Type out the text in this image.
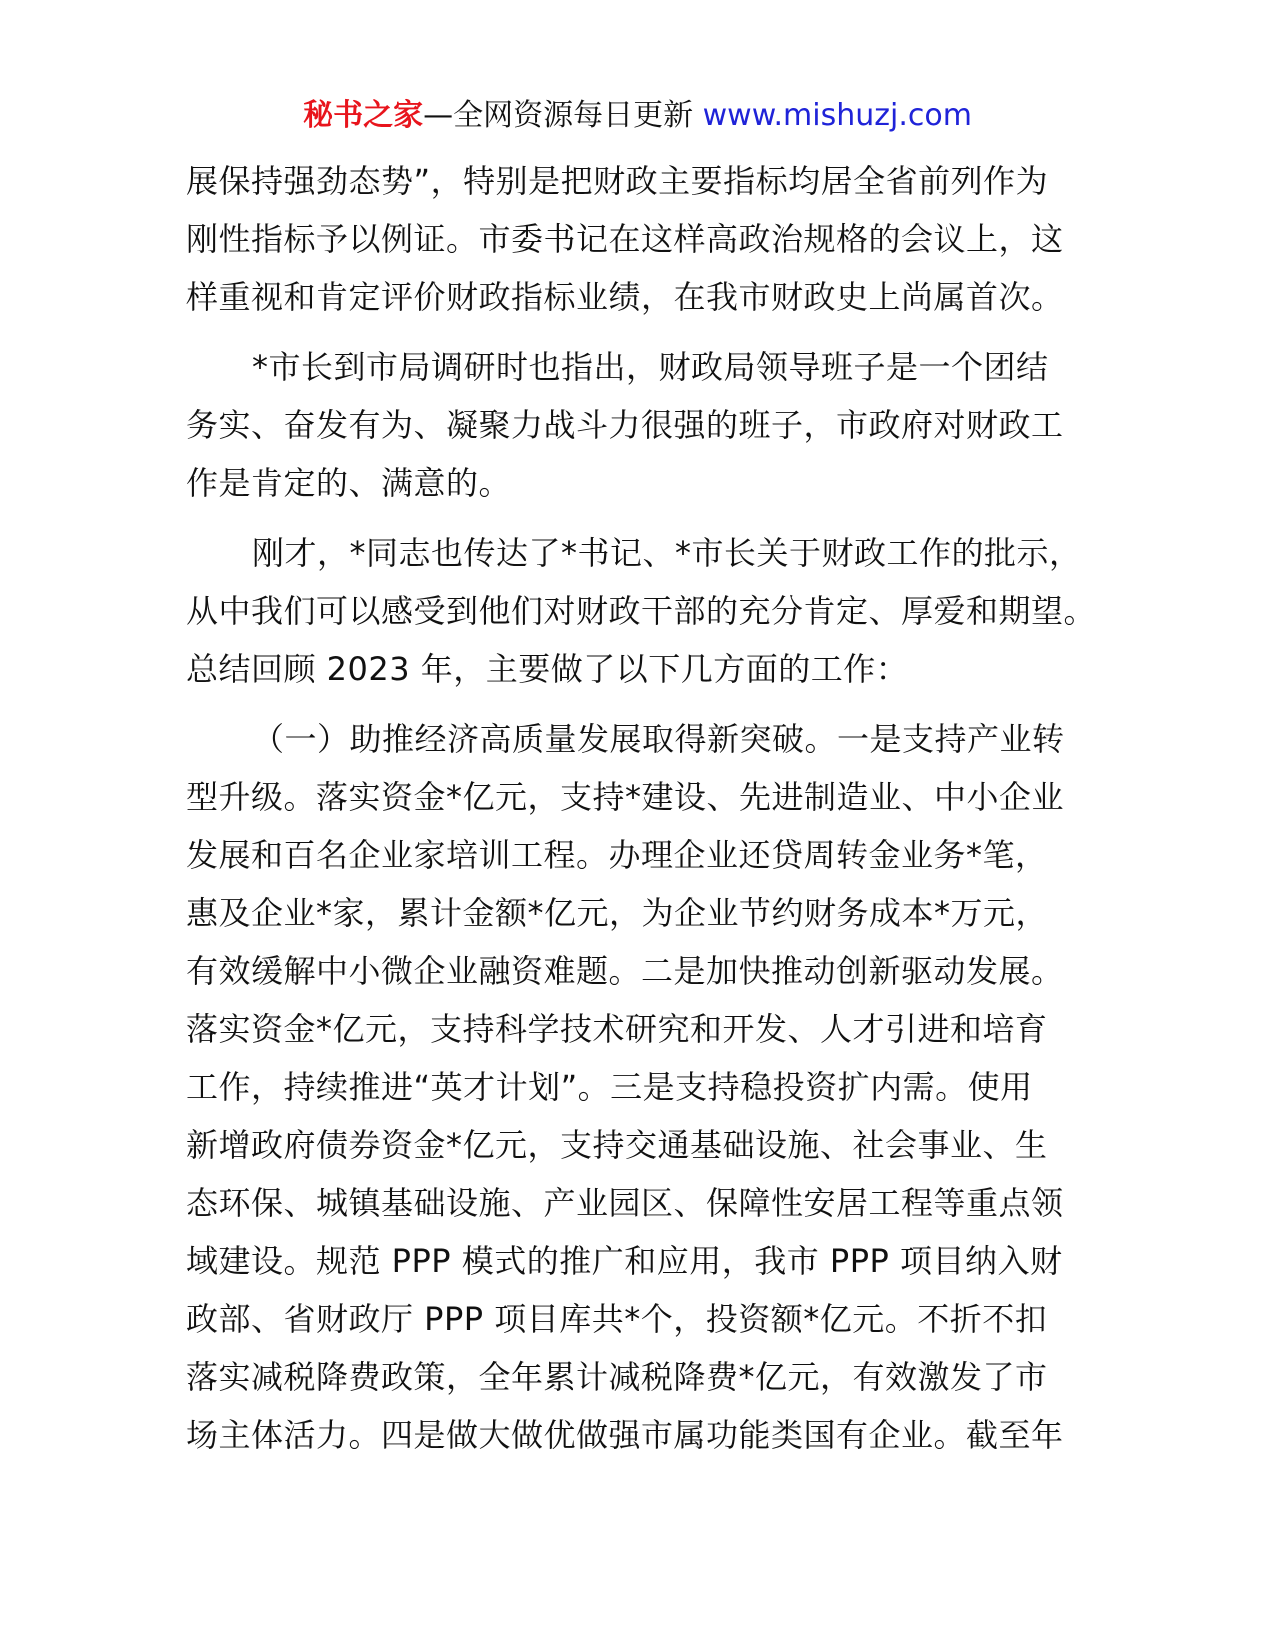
秘书之家—全网资源每日更新 www.mishuzj.com
展保持强劲态势”，特别是把财政主要指标均居全省前列作为
刚性指标予以例证。市委书记在这样高政治规格的会议上，这
样重视和肯定评价财政指标业绩，在我市财政史上尚属首次。
*市长到市局调研时也指出，财政局领导班子是一个团结
务实、奋发有为、凝聚力战斗力很强的班子，市政府对财政工
作是肯定的、满意的。
刚才，*同志也传达了*书记、*市长关于财政工作的批示，
从中我们可以感受到他们对财政干部的充分肯定、厚爱和期望。
总结回顾 2023 年，主要做了以下几方面的工作：
（一）助推经济高质量发展取得新突破。一是支持产业转
型升级。落实资金*亿元，支持*建设、先进制造业、中小企业
发展和百名企业家培训工程。办理企业还贷周转金业务*笔，
惠及企业*家，累计金额*亿元，为企业节约财务成本*万元，
有效缓解中小微企业融资难题。二是加快推动创新驱动发展。
落实资金*亿元，支持科学技术研究和开发、人才引进和培育
工作，持续推进“英才计划”。三是支持稳投资扩内需。使用
新增政府债券资金*亿元，支持交通基础设施、社会事业、生
态环保、城镇基础设施、产业园区、保障性安居工程等重点领
域建设。规范 PPP 模式的推广和应用，我市 PPP 项目纳入财
政部、省财政厅 PPP 项目库共*个，投资额*亿元。不折不扣
落实减税降费政策，全年累计减税降费*亿元，有效激发了市
场主体活力。四是做大做优做强市属功能类国有企业。截至年
